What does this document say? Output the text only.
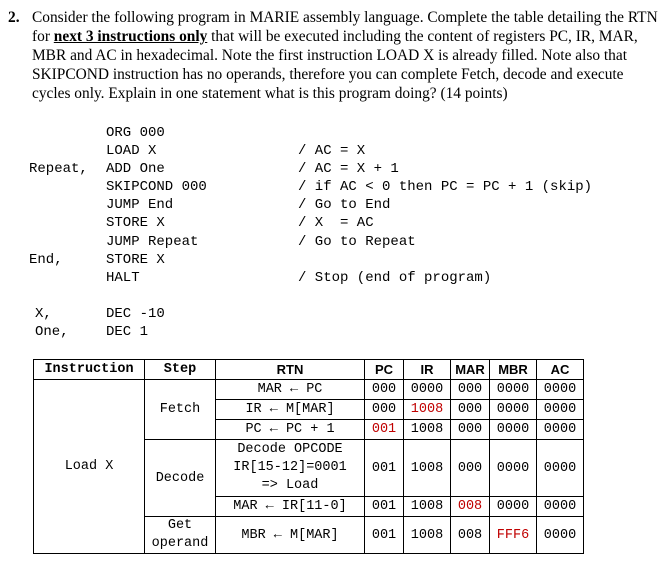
2. Consider the following program in MARIE assembly language. Complete the table detailing the RTN for next 3 instructions only that will be executed including the content of registers PC, IR, MAR, MBR and AC in hexadecimal. Note the first instruction LOAD X is already filled. Note also that SKIPCOND instruction has no operands, therefore you can complete Fetch, decode and execute cycles only. Explain in one statement what is this program doing? (14 points)
ORG 000
LOAD X	/ AC = X
Repeat, ADD One	/ AC = X + 1
SKIPCOND 000	/ if AC < 0 then PC = PC + 1 (skip)
JUMP End	/ Go to End
STORE X	/ X  = AC
JUMP Repeat	/ Go to Repeat
End,	STORE X
HALT	/ Stop (end of program)
X,	DEC -10
One,	DEC 1
Instruction	Step	RTN	PC	IR	MAR	MBR	AC
Load X		MAR ← PC	000	0000	000	0000	0000
	Fetch	IR ← M[MAR]	000	1008	000	0000	0000
		PC ← PC + 1	001	1008	000	0000	0000
	Decode	Decode OPCODE
IR[15-12]=0001
=> Load	001	1008	000	0000	0000
		MAR ← IR[11-0]	001	1008	008	0000	0000

	Get
operand	MBR ← M[MAR]	001	1008	008	FFF6	0000
